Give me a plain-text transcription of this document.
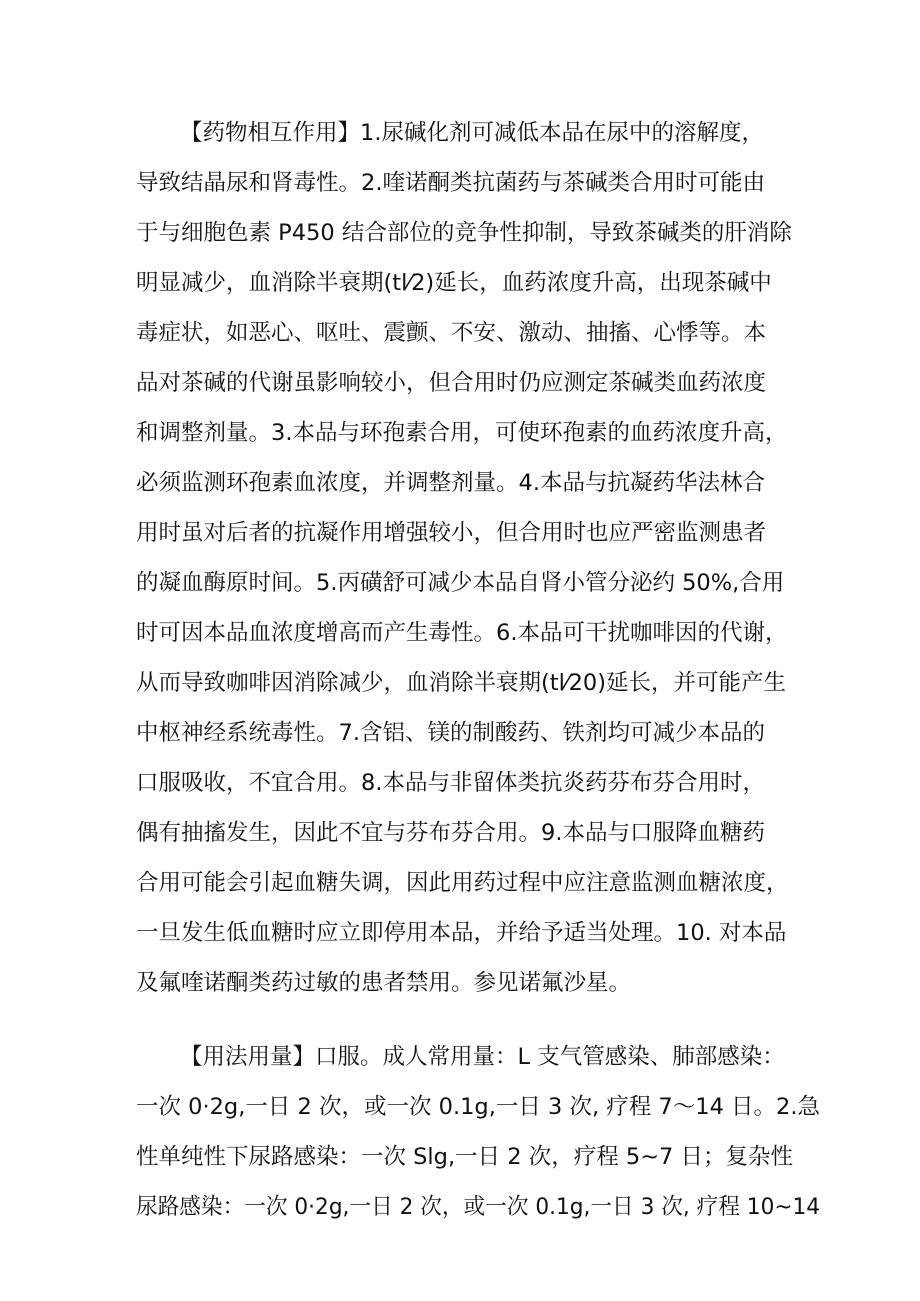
【药物相互作用】1.尿碱化剂可减低本品在尿中的溶解度，
导致结晶尿和肾毒性。2.喹诺酮类抗菌药与茶碱类合用时可能由
于与细胞色素 P450 结合部位的竞争性抑制，导致茶碱类的肝消除
明显减少，血消除半衰期(tl⁄2)延长，血药浓度升高，出现茶碱中
毒症状，如恶心、呕吐、震颤、不安、激动、抽搐、心悸等。本
品对茶碱的代谢虽影响较小，但合用时仍应测定茶碱类血药浓度
和调整剂量。3.本品与环孢素合用，可使环孢素的血药浓度升高，
必须监测环孢素血浓度，并调整剂量。4.本品与抗凝药华法林合
用时虽对后者的抗凝作用增强较小，但合用时也应严密监测患者
的凝血酶原时间。5.丙磺舒可减少本品自肾小管分泌约 50%,合用
时可因本品血浓度增高而产生毒性。6.本品可干扰咖啡因的代谢，
从而导致咖啡因消除减少，血消除半衰期(tl⁄20)延长，并可能产生
中枢神经系统毒性。7.含铝、镁的制酸药、铁剂均可减少本品的
口服吸收，不宜合用。8.本品与非留体类抗炎药芬布芬合用时，
偶有抽搐发生，因此不宜与芬布芬合用。9.本品与口服降血糖药
合用可能会引起血糖失调，因此用药过程中应注意监测血糖浓度，
一旦发生低血糖时应立即停用本品，并给予适当处理。10. 对本品
及氟喹诺酮类药过敏的患者禁用。参见诺氟沙星。
【用法用量】口服。成人常用量：L 支气管感染、肺部感染：
一次 0·2g,一日 2 次，或一次 0.1g,一日 3 次, 疗程 7〜14 日。2.急
性单纯性下尿路感染：一次 Slg,一日 2 次，疗程 5~7 日；复杂性
尿路感染：一次 0·2g,一日 2 次，或一次 0.1g,一日 3 次, 疗程 10~14
